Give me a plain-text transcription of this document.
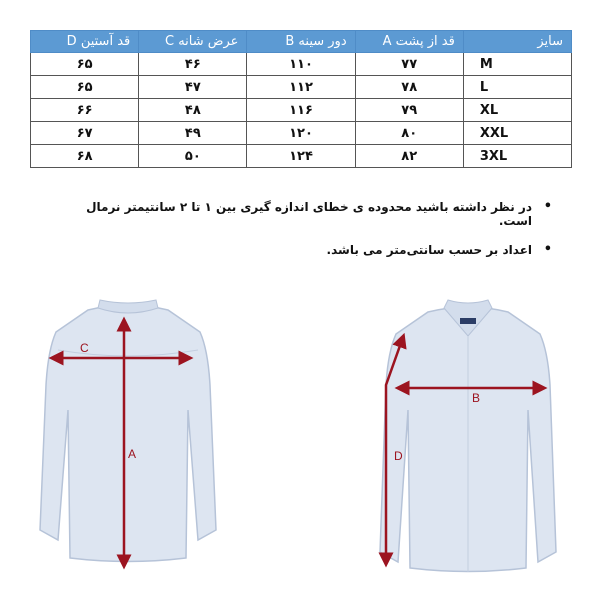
سایز	قد از پشت A	دور سینه B	عرض شانه C	قد آستین D
M	۷۷	۱۱۰	۴۶	۶۵
L	۷۸	۱۱۲	۴۷	۶۵
XL	۷۹	۱۱۶	۴۸	۶۶
XXL	۸۰	۱۲۰	۴۹	۶۷
3XL	۸۲	۱۲۴	۵۰	۶۸
• در نظر داشته باشید محدوده ی خطای اندازه گیری بین ۱ تا ۲ سانتیمتر نرمال است.
• اعداد بر حسب سانتی‌متر می باشد.
A
C
B
D
